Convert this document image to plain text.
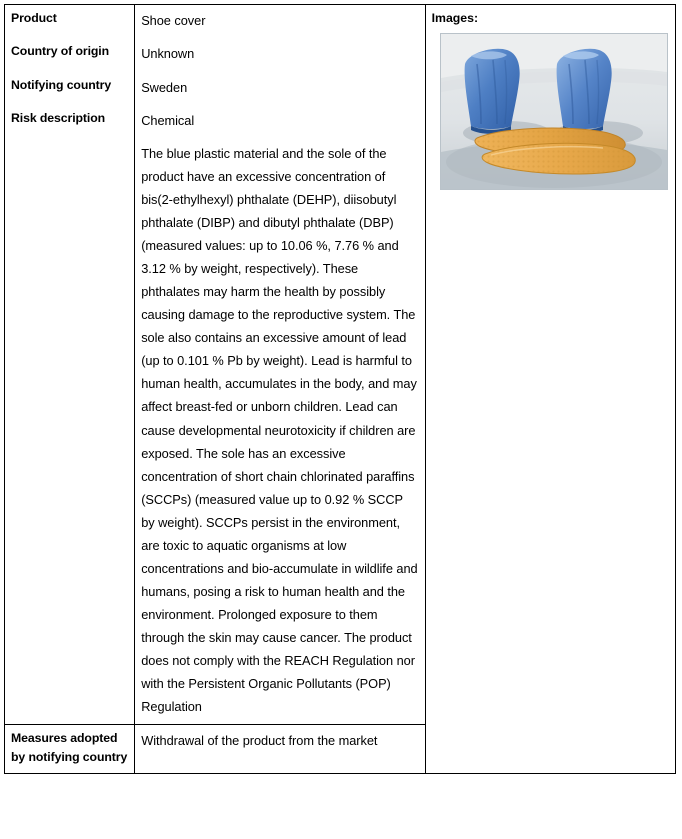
Product	Shoe cover	Images:

Country of origin	Unknown	
Notifying country	Sweden	
Risk description	Chemical	
	The blue plastic material and the sole of the product have an excessive concentration of bis(2-ethylhexyl) phthalate (DEHP), diisobutyl phthalate (DIBP) and dibutyl phthalate (DBP) (measured values: up to 10.06 %, 7.76 % and 3.12 % by weight, respectively). These phthalates may harm the health by possibly causing damage to the reproductive system. The sole also contains an excessive amount of lead (up to 0.101 % Pb by weight). Lead is harmful to human health, accumulates in the body, and may affect breast-fed or unborn children. Lead can cause developmental neurotoxicity if children are exposed. The sole has an excessive concentration of short chain chlorinated paraffins (SCCPs) (measured value up to 0.92 % SCCP by weight). SCCPs persist in the environment, are toxic to aquatic organisms at low concentrations and bio-accumulate in wildlife and humans, posing a risk to human health and the environment. Prolonged exposure to them through the skin may cause cancer. The product does not comply with the REACH Regulation nor with the Persistent Organic Pollutants (POP) Regulation	
Measures adopted by notifying country	Withdrawal of the product from the market	
